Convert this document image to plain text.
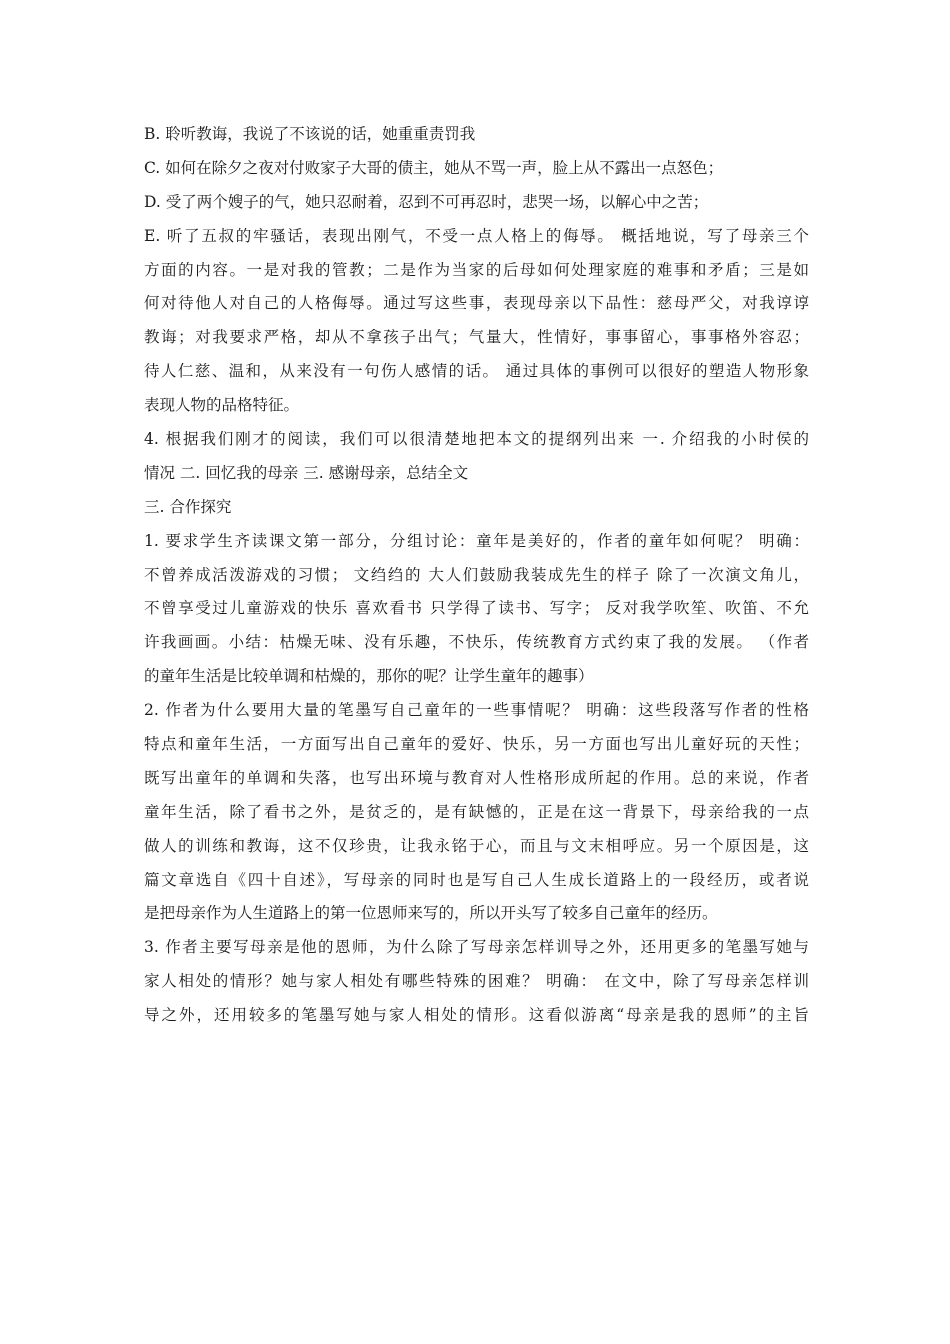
B. 聆听教诲，我说了不该说的话，她重重责罚我
C. 如何在除夕之夜对付败家子大哥的债主，她从不骂一声，脸上从不露出一点怒色；
D. 受了两个嫂子的气，她只忍耐着，忍到不可再忍时，悲哭一场，以解心中之苦；
E. 听了五叔的牢骚话，表现出刚气，不受一点人格上的侮辱。 概括地说，写了母亲三个
方面的内容。一是对我的管教；二是作为当家的后母如何处理家庭的难事和矛盾；三是如
何对待他人对自己的人格侮辱。通过写这些事，表现母亲以下品性：慈母严父，对我谆谆
教诲；对我要求严格，却从不拿孩子出气；气量大，性情好，事事留心，事事格外容忍；
待人仁慈、温和，从来没有一句伤人感情的话。 通过具体的事例可以很好的塑造人物形象
表现人物的品格特征。
4. 根据我们刚才的阅读，我们可以很清楚地把本文的提纲列出来 一. 介绍我的小时侯的
情况 二. 回忆我的母亲 三. 感谢母亲，总结全文
三. 合作探究
1. 要求学生齐读课文第一部分，分组讨论：童年是美好的，作者的童年如何呢？ 明确：
不曾养成活泼游戏的习惯； 文绉绉的 大人们鼓励我装成先生的样子 除了一次演文角儿，
不曾享受过儿童游戏的快乐 喜欢看书 只学得了读书、写字； 反对我学吹笙、吹笛、不允
许我画画。小结：枯燥无味、没有乐趣，不快乐，传统教育方式约束了我的发展。 （作者
的童年生活是比较单调和枯燥的，那你的呢？让学生童年的趣事）
2. 作者为什么要用大量的笔墨写自己童年的一些事情呢？ 明确：这些段落写作者的性格
特点和童年生活，一方面写出自己童年的爱好、快乐，另一方面也写出儿童好玩的天性；
既写出童年的单调和失落，也写出环境与教育对人性格形成所起的作用。总的来说，作者
童年生活，除了看书之外，是贫乏的，是有缺憾的，正是在这一背景下，母亲给我的一点
做人的训练和教诲，这不仅珍贵，让我永铭于心，而且与文末相呼应。另一个原因是，这
篇文章选自《四十自述》，写母亲的同时也是写自己人生成长道路上的一段经历，或者说
是把母亲作为人生道路上的第一位恩师来写的，所以开头写了较多自己童年的经历。
3. 作者主要写母亲是他的恩师，为什么除了写母亲怎样训导之外，还用更多的笔墨写她与
家人相处的情形？她与家人相处有哪些特殊的困难？ 明确： 在文中，除了写母亲怎样训
导之外，还用较多的笔墨写她与家人相处的情形。这看似游离“母亲是我的恩师”的主旨
